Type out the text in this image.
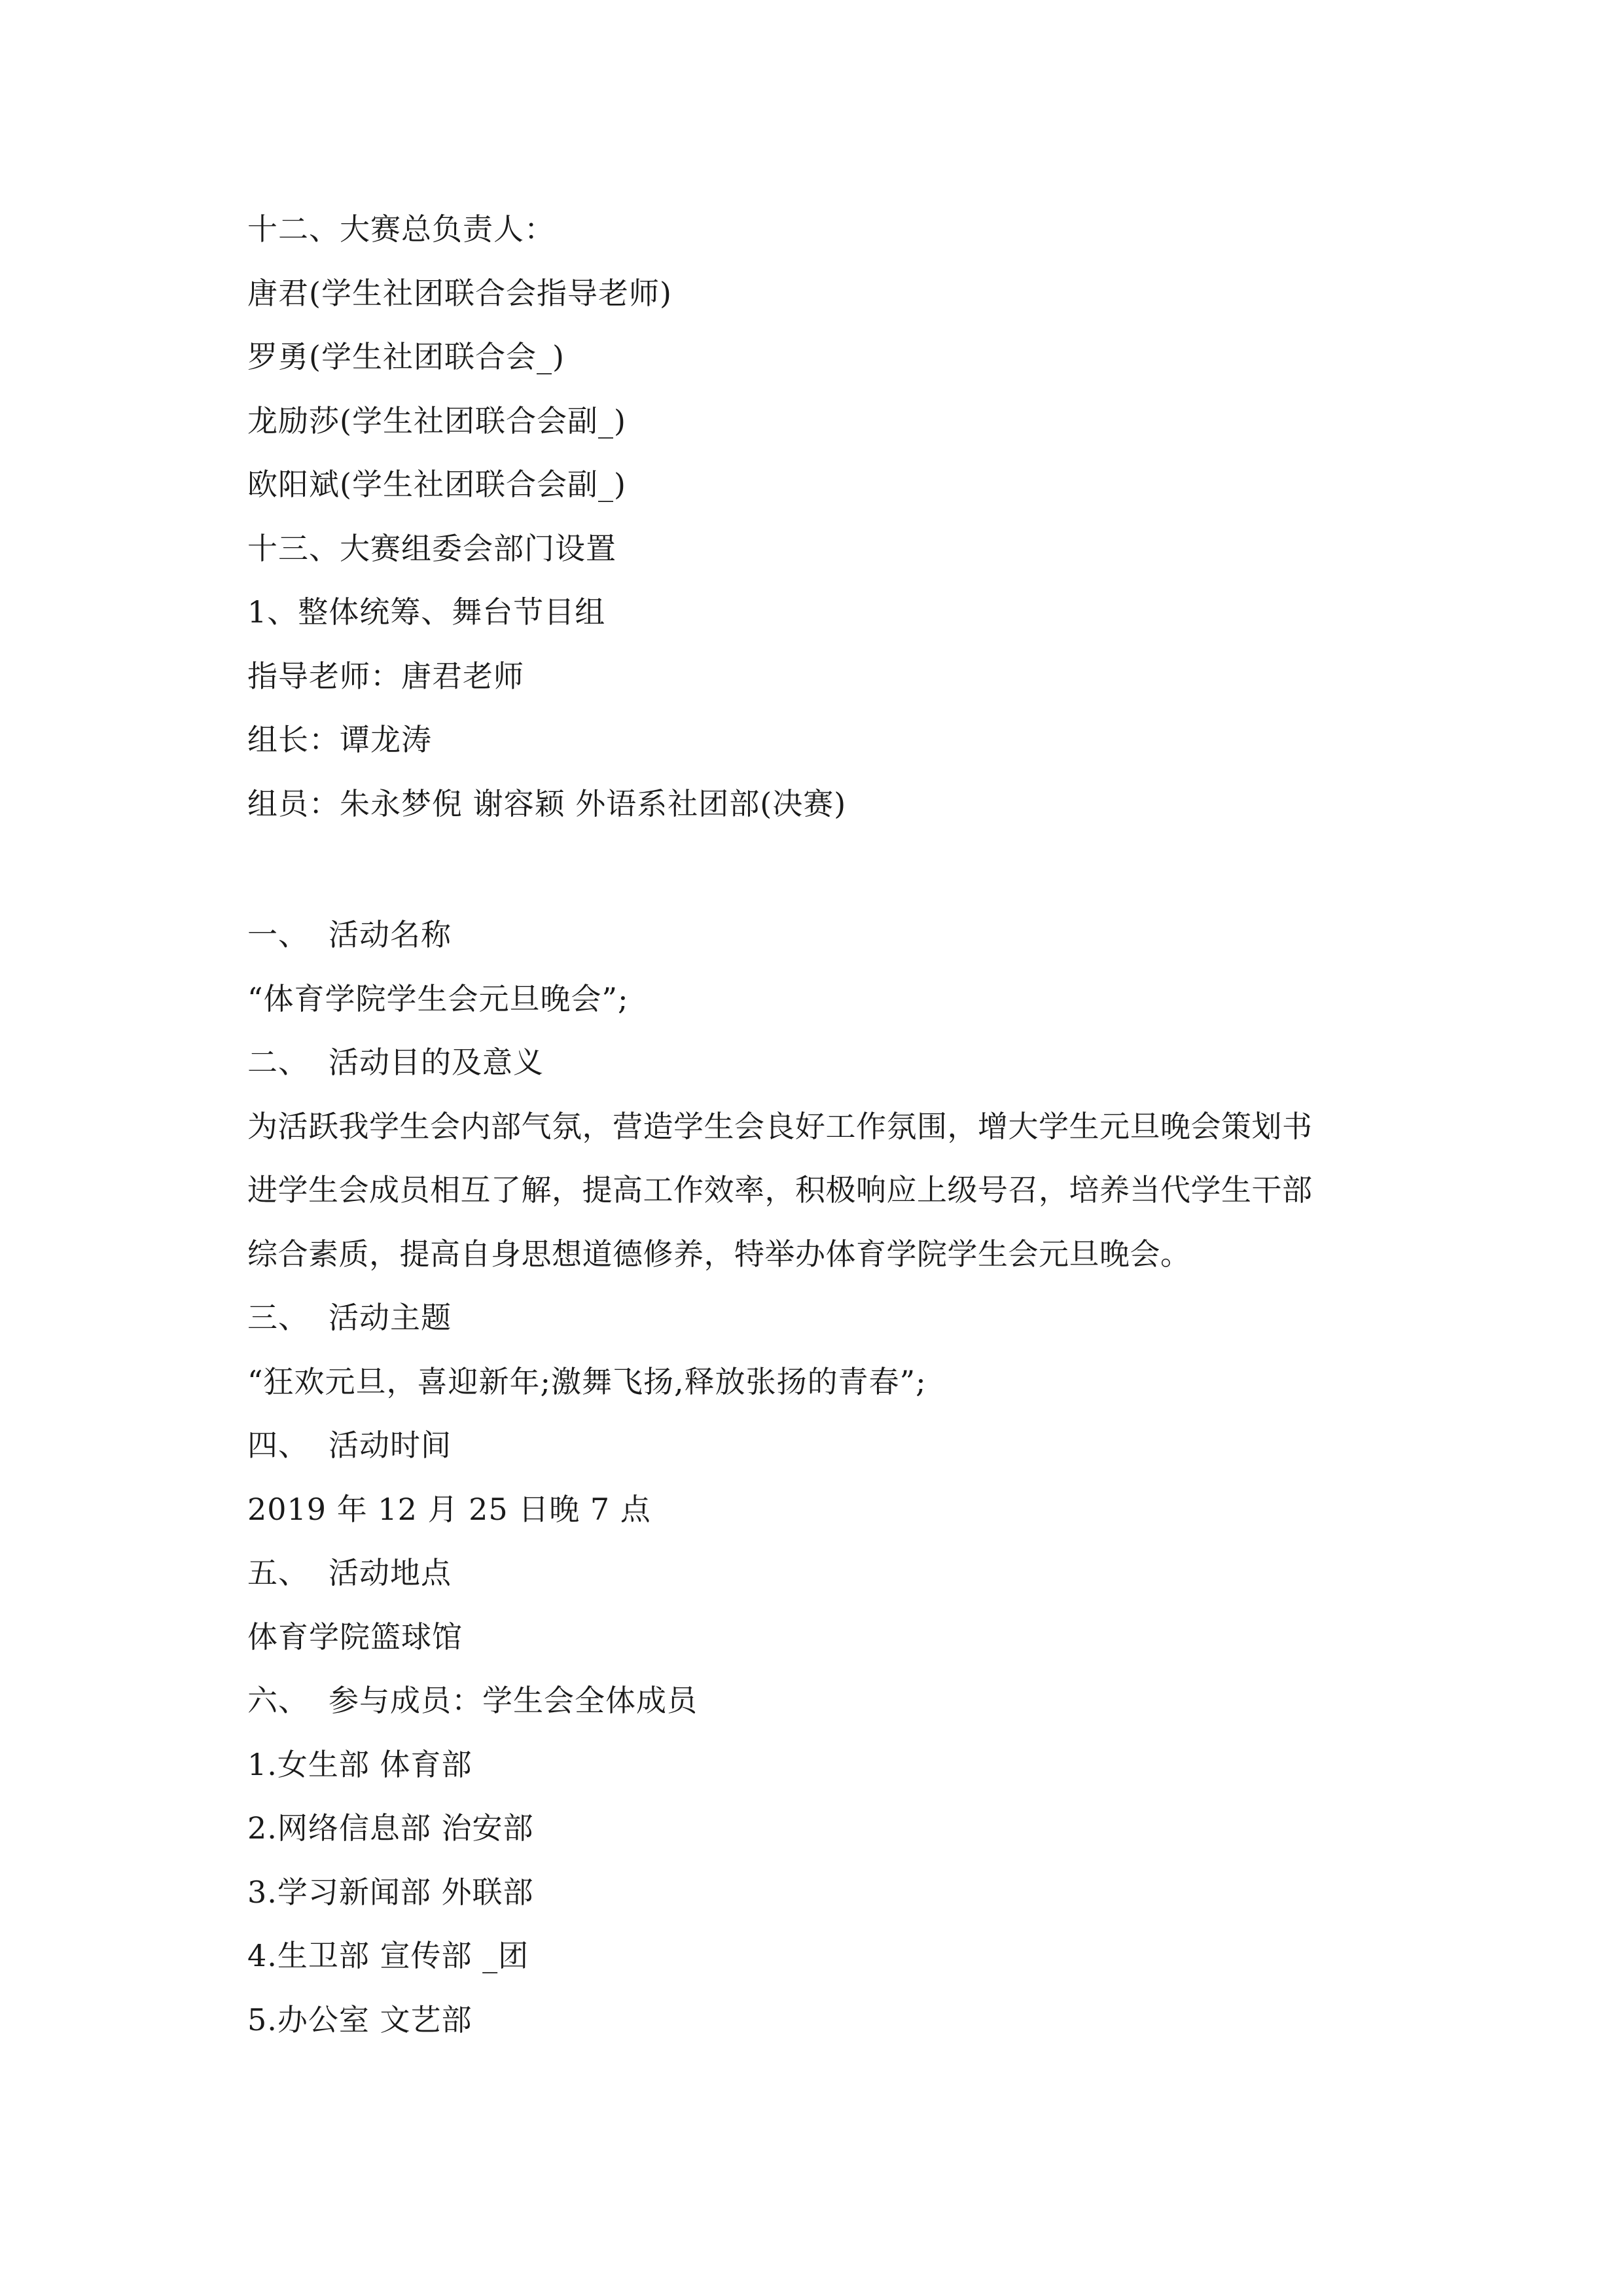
十二、大赛总负责人：
唐君(学生社团联合会指导老师)
罗勇(学生社团联合会_)
龙励莎(学生社团联合会副_)
欧阳斌(学生社团联合会副_)
十三、大赛组委会部门设置
1、整体统筹、舞台节目组
指导老师：唐君老师
组长：谭龙涛
组员：朱永梦倪 谢容颖 外语系社团部(决赛)
一、 活动名称
“体育学院学生会元旦晚会”;
二、 活动目的及意义
为活跃我学生会内部气氛，营造学生会良好工作氛围，增大学生元旦晚会策划书
进学生会成员相互了解，提高工作效率，积极响应上级号召，培养当代学生干部
综合素质，提高自身思想道德修养，特举办体育学院学生会元旦晚会。
三、 活动主题
“狂欢元旦，喜迎新年;激舞飞扬,释放张扬的青春”;
四、 活动时间
2019 年 12 月 25 日晚 7 点
五、 活动地点
体育学院篮球馆
六、 参与成员：学生会全体成员
1.女生部 体育部
2.网络信息部 治安部
3.学习新闻部 外联部
4.生卫部 宣传部 _团
5.办公室 文艺部
